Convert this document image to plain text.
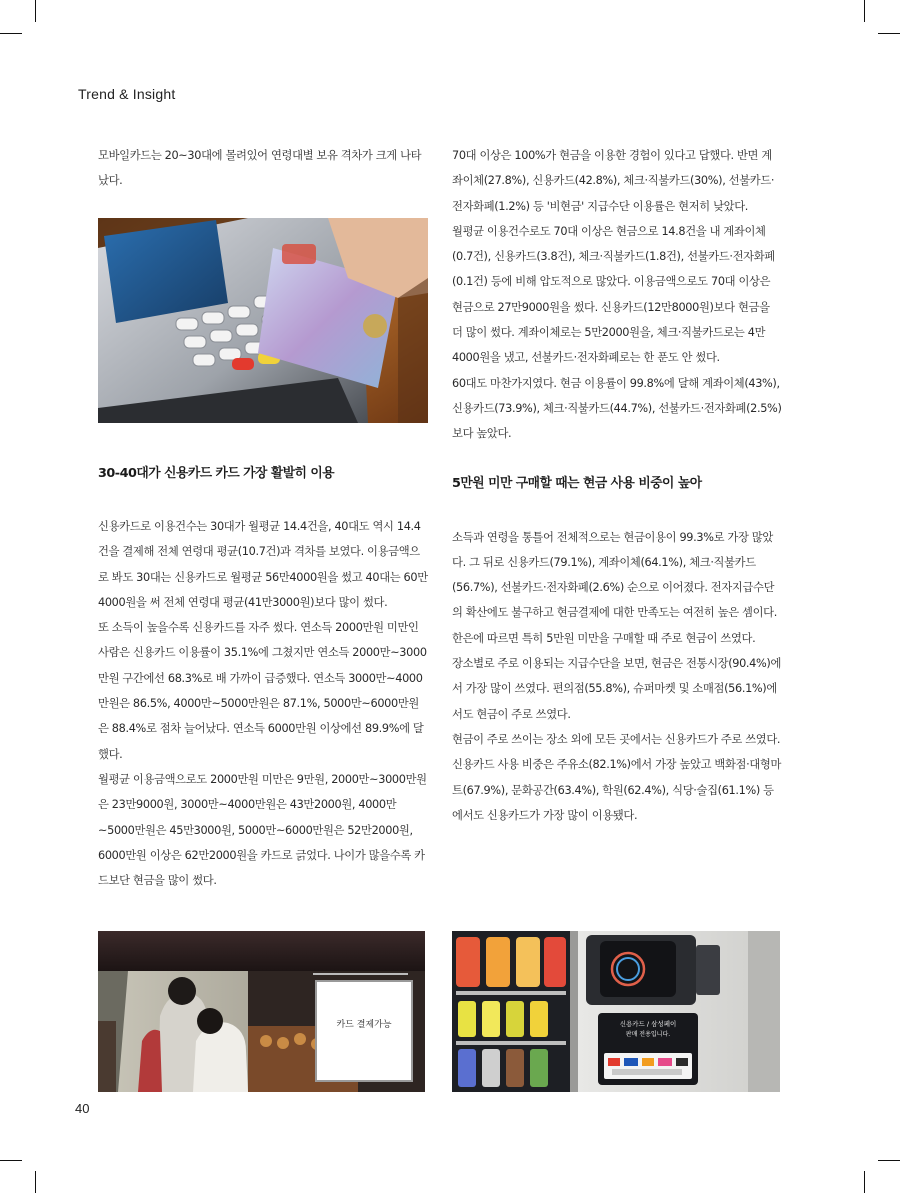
Trend & Insight

모바일카드는 20~30대에 몰려있어 연령대별 보유 격차가 크게 나타났다.

30-40대가 신용카드 카드 가장 활발히 이용

신용카드로 이용건수는 30대가 월평균 14.4건을, 40대도 역시 14.4건을 결제해 전체 연령대 평균(10.7건)과 격차를 보였다. 이용금액으로 봐도 30대는 신용카드로 월평균 56만4000원을 썼고 40대는 60만4000원을 써 전체 연령대 평균(41만3000원)보다 많이 썼다.

또 소득이 높을수록 신용카드를 자주 썼다. 연소득 2000만원 미만인 사람은 신용카드 이용률이 35.1%에 그쳤지만 연소득 2000만~3000만원 구간에선 68.3%로 배 가까이 급증했다. 연소득 3000만~4000만원은 86.5%, 4000만~5000만원은 87.1%, 5000만~6000만원은 88.4%로 점차 늘어났다. 연소득 6000만원 이상에선 89.9%에 달했다.

월평균 이용금액으로도 2000만원 미만은 9만원, 2000만~3000만원은 23만9000원, 3000만~4000만원은 43만2000원, 4000만~5000만원은 45만3000원, 5000만~6000만원은 52만2000원, 6000만원 이상은 62만2000원을 카드로 긁었다. 나이가 많을수록 카드보단 현금을 많이 썼다.

70대 이상은 100%가 현금을 이용한 경험이 있다고 답했다. 반면 계좌이체(27.8%), 신용카드(42.8%), 체크·직불카드(30%), 선불카드·전자화폐(1.2%) 등 '비현금' 지급수단 이용률은 현저히 낮았다.

월평균 이용건수로도 70대 이상은 현금으로 14.8건을 내 계좌이체(0.7건), 신용카드(3.8건), 체크·직불카드(1.8건), 선불카드·전자화폐(0.1건) 등에 비해 압도적으로 많았다. 이용금액으로도 70대 이상은 현금으로 27만9000원을 썼다. 신용카드(12만8000원)보다 현금을 더 많이 썼다. 계좌이체로는 5만2000원을, 체크·직불카드로는 4만4000원을 냈고, 선불카드·전자화폐로는 한 푼도 안 썼다.

60대도 마찬가지였다. 현금 이용률이 99.8%에 달해 계좌이체(43%), 신용카드(73.9%), 체크·직불카드(44.7%), 선불카드·전자화폐(2.5%) 보다 높았다.

5만원 미만 구매할 때는 현금 사용 비중이 높아

소득과 연령을 통틀어 전체적으로는 현금이용이 99.3%로 가장 많았다. 그 뒤로 신용카드(79.1%), 계좌이체(64.1%), 체크·직불카드(56.7%), 선불카드·전자화폐(2.6%) 순으로 이어졌다. 전자지급수단의 확산에도 불구하고 현금결제에 대한 만족도는 여전히 높은 셈이다. 한은에 따르면 특히 5만원 미만을 구매할 때 주로 현금이 쓰였다.

장소별로 주로 이용되는 지급수단을 보면, 현금은 전통시장(90.4%)에서 가장 많이 쓰였다. 편의점(55.8%), 슈퍼마켓 및 소매점(56.1%)에서도 현금이 주로 쓰였다.

현금이 주로 쓰이는 장소 외에 모든 곳에서는 신용카드가 주로 쓰였다. 신용카드 사용 비중은 주유소(82.1%)에서 가장 높았고 백화점·대형마트(67.9%), 문화공간(63.4%), 학원(62.4%), 식당·술집(61.1%) 등에서도 신용카드가 가장 많이 이용됐다.

카드 결제가능	신용카드 / 삼성페이
판매 전용입니다.
40
